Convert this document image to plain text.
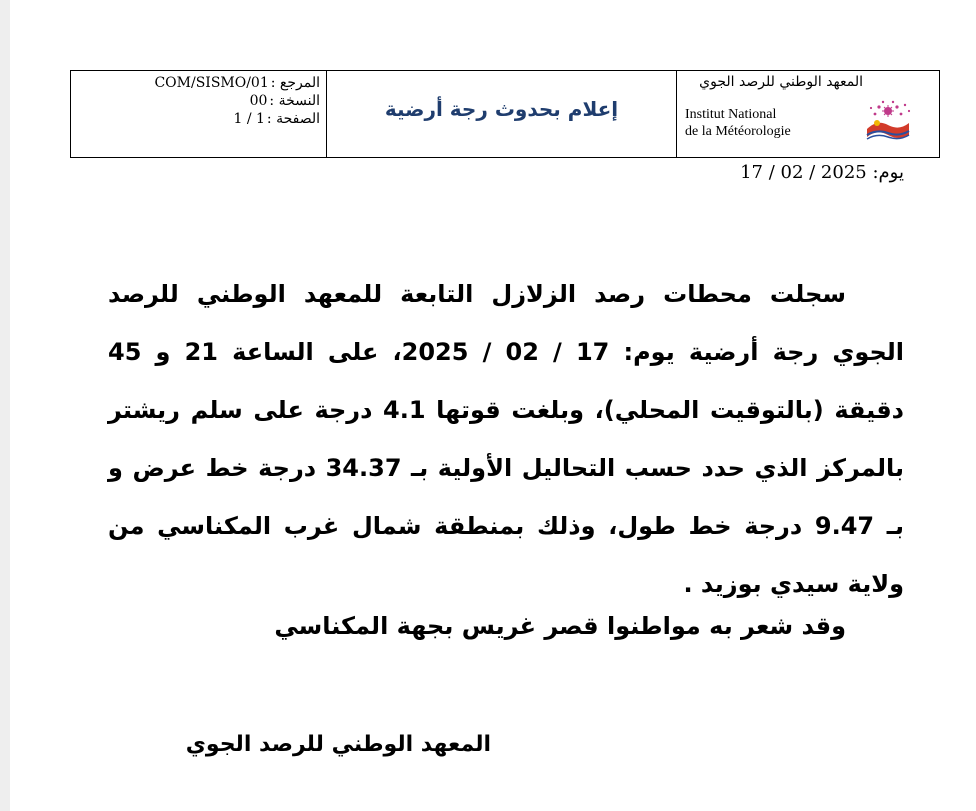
المرجع :
COM/SISMO/01
النسخة :
00
الصفحة :
1 / 1	إعلام بحدوث رجة أرضية
المعهد الوطني للرصد الجوي
Institut National
de la Météorologie
يوم: 17 / 02 / 2025
سجلت محطات رصد الزلازل التابعة للمعهد الوطني للرصد الجوي رجة أرضية يوم: 17 / 02 / 2025، على الساعة 21 و 45 دقيقة (بالتوقيت المحلي)، وبلغت قوتها 4.1 درجة على سلم ريشتر بالمركز الذي حدد حسب التحاليل الأولية بـ 34.37 درجة خط عرض و بـ 9.47 درجة خط طول، وذلك بمنطقة شمال غرب المكناسي من ولاية سيدي بوزيد .
وقد شعر به مواطنوا قصر غريس بجهة المكناسي
المعهد الوطني للرصد الجوي
